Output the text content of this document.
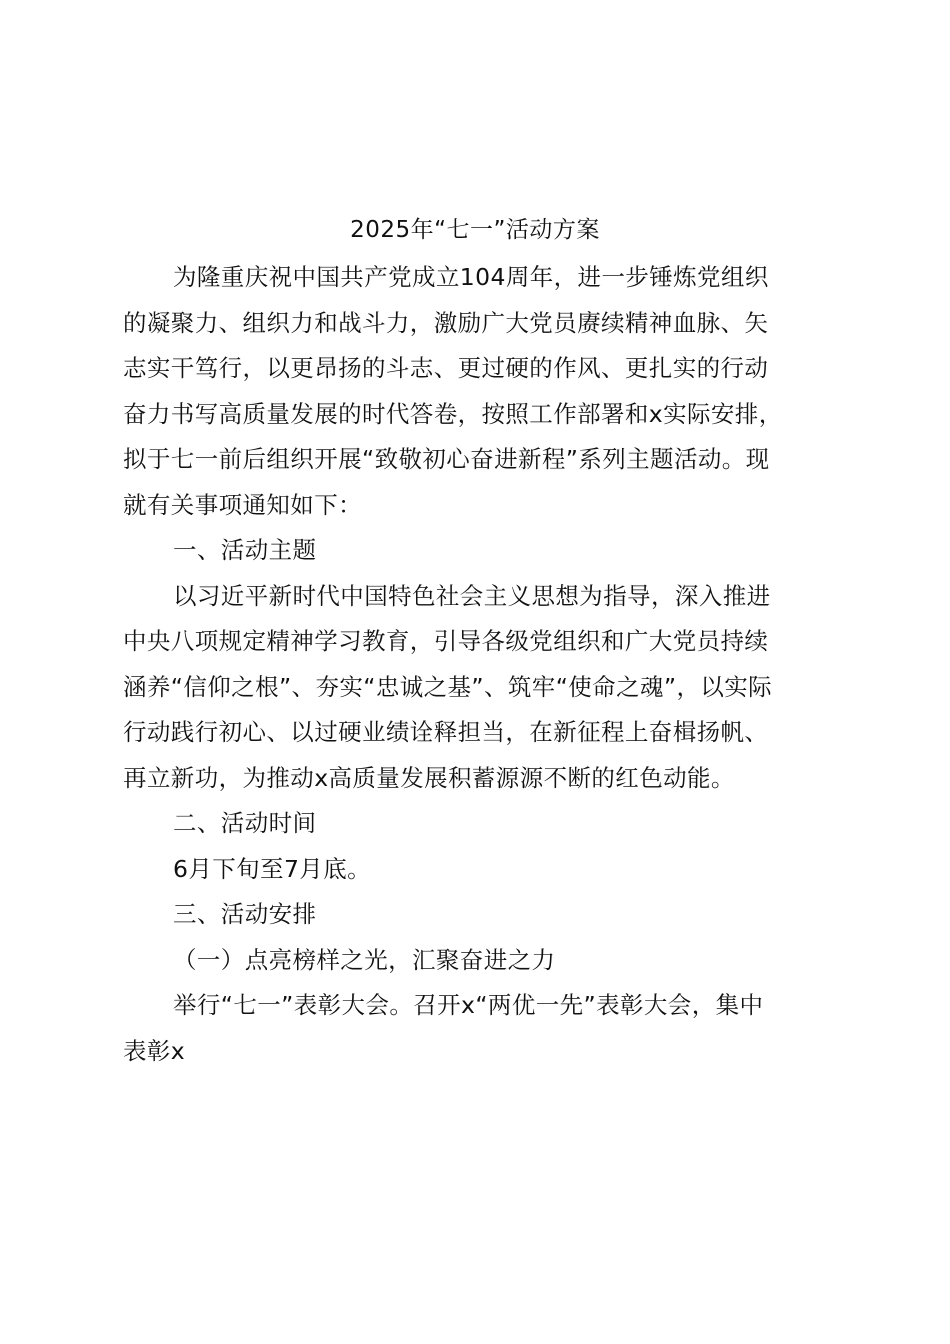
2025年“七一”活动方案
为隆重庆祝中国共产党成立104周年，进一步锤炼党组织
的凝聚力、组织力和战斗力，激励广大党员赓续精神血脉、矢
志实干笃行，以更昂扬的斗志、更过硬的作风、更扎实的行动
奋力书写高质量发展的时代答卷，按照工作部署和x实际安排，
拟于七一前后组织开展“致敬初心奋进新程”系列主题活动。现
就有关事项通知如下：
一、活动主题
以习近平新时代中国特色社会主义思想为指导，深入推进
中央八项规定精神学习教育，引导各级党组织和广大党员持续
涵养“信仰之根”、夯实“忠诚之基”、筑牢“使命之魂”，以实际
行动践行初心、以过硬业绩诠释担当，在新征程上奋楫扬帆、
再立新功，为推动x高质量发展积蓄源源不断的红色动能。
二、活动时间
6月下旬至7月底。
三、活动安排
（一）点亮榜样之光，汇聚奋进之力
举行“七一”表彰大会。召开x“两优一先”表彰大会，集中
表彰x
